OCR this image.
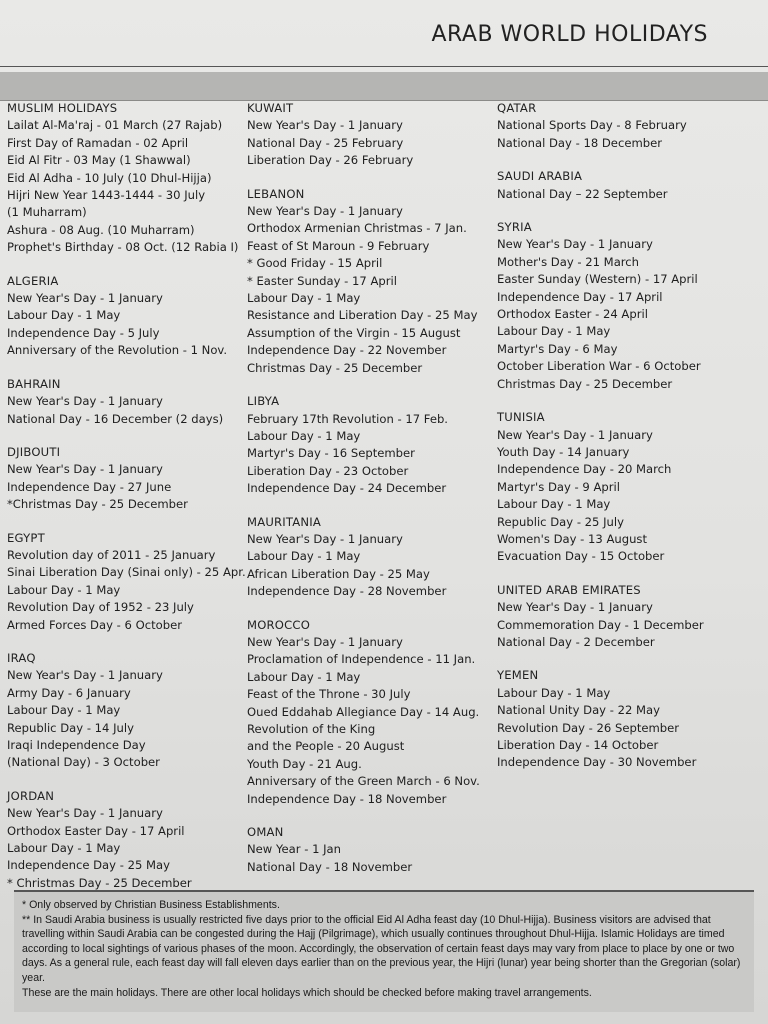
ARAB WORLD HOLIDAYS
MUSLIM HOLIDAYS
Lailat Al-Ma'raj - 01 March (27 Rajab)
First Day of Ramadan - 02 April
Eid Al Fitr - 03 May (1 Shawwal)
Eid Al Adha - 10 July (10 Dhul-Hijja)
Hijri New Year 1443-1444 - 30 July
(1 Muharram)
Ashura - 08 Aug. (10 Muharram)
Prophet's Birthday - 08 Oct. (12 Rabia I)
ALGERIA
New Year's Day - 1 January
Labour Day - 1 May
Independence Day - 5 July
Anniversary of the Revolution - 1 Nov.
BAHRAIN
New Year's Day - 1 January
National Day - 16 December (2 days)
DJIBOUTI
New Year's Day - 1 January
Independence Day - 27 June
*Christmas Day - 25 December
EGYPT
Revolution day of 2011 - 25 January
Sinai Liberation Day (Sinai only) - 25 Apr.
Labour Day - 1 May
Revolution Day of 1952 - 23 July
Armed Forces Day - 6 October
IRAQ
New Year's Day - 1 January
Army Day - 6 January
Labour Day - 1 May
Republic Day - 14 July
Iraqi Independence Day
(National Day) - 3 October
JORDAN
New Year's Day - 1 January
Orthodox Easter Day - 17 April
Labour Day - 1 May
Independence Day - 25 May
* Christmas Day - 25 December
KUWAIT
New Year's Day - 1 January
National Day - 25 February
Liberation Day - 26 February
LEBANON
New Year's Day - 1 January
Orthodox Armenian Christmas - 7 Jan.
Feast of St Maroun - 9 February
* Good Friday - 15 April
* Easter Sunday - 17 April
Labour Day - 1 May
Resistance and Liberation Day - 25 May
Assumption of the Virgin - 15 August
Independence Day - 22 November
Christmas Day - 25 December
LIBYA
February 17th Revolution - 17 Feb.
Labour Day - 1 May
Martyr's Day - 16 September
Liberation Day - 23 October
Independence Day - 24 December
MAURITANIA
New Year's Day - 1 January
Labour Day - 1 May
African Liberation Day - 25 May
Independence Day - 28 November
MOROCCO
New Year's Day - 1 January
Proclamation of Independence - 11 Jan.
Labour Day - 1 May
Feast of the Throne - 30 July
Oued Eddahab Allegiance Day - 14 Aug.
Revolution of the King
and the People - 20 August
Youth Day - 21 Aug.
Anniversary of the Green March - 6 Nov.
Independence Day - 18 November
OMAN
New Year - 1 Jan
National Day - 18 November
QATAR
National Sports Day - 8 February
National Day - 18 December
SAUDI ARABIA
National Day – 22 September
SYRIA
New Year's Day - 1 January
Mother's Day - 21 March
Easter Sunday (Western) - 17 April
Independence Day - 17 April
Orthodox Easter - 24 April
Labour Day - 1 May
Martyr's Day - 6 May
October Liberation War - 6 October
Christmas Day - 25 December
TUNISIA
New Year's Day - 1 January
Youth Day - 14 January
Independence Day - 20 March
Martyr's Day - 9 April
Labour Day - 1 May
Republic Day - 25 July
Women's Day - 13 August
Evacuation Day - 15 October
UNITED ARAB EMIRATES
New Year's Day - 1 January
Commemoration Day - 1 December
National Day - 2 December
YEMEN
Labour Day - 1 May
National Unity Day - 22 May
Revolution Day - 26 September
Liberation Day - 14 October
Independence Day - 30 November

* Only observed by Christian Business Establishments.

** In Saudi Arabia business is usually restricted five days prior to the official Eid Al Adha feast day (10 Dhul-Hijja). Business visitors are advised that travelling within Saudi Arabia can be congested during the Hajj (Pilgrimage), which usually continues throughout Dhul-Hijja. Islamic Holidays are timed according to local sightings of various phases of the moon. Accordingly, the observation of certain feast days may vary from place to place by one or two days. As a general rule, each feast day will fall eleven days earlier than on the previous year, the Hijri (lunar) year being shorter than the Gregorian (solar) year.

These are the main holidays. There are other local holidays which should be checked before making travel arrangements.
